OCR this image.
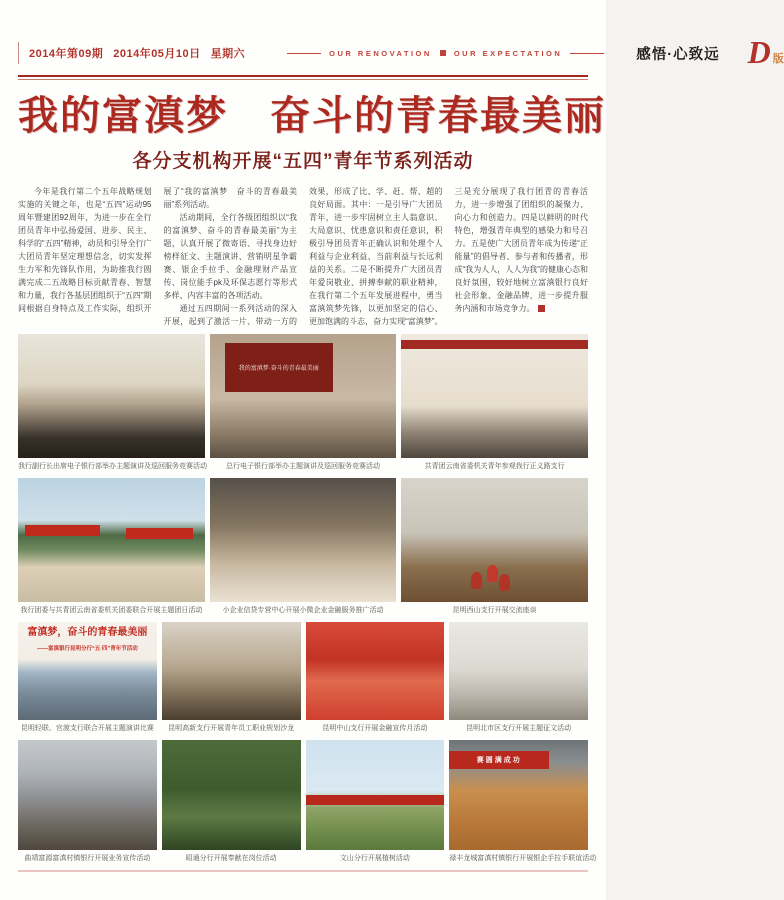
2014年第09期 2014年05月10日 星期六	OUR RENOVATION	OUR EXPECTATION	感悟·心致远 D 版
我的富滇梦　奋斗的青春最美丽
各分支机构开展“五四”青年节系列活动

今年是我行第二个五年战略规划实施的关键之年，也是“五四”运动95周年暨建团92周年，为进一步在全行团员青年中弘扬爱国、进步、民主、科学的“五四”精神，动员和引导全行广大团员青年坚定理想信念，切实发挥生力军和先锋队作用，为助推我行圆满完成二五战略目标贡献青春、智慧和力量，我行各基层团组织于“五四”期间根据自身特点及工作实际，组织开展了“我的富滇梦　奋斗的青春最美丽”系列活动。

活动期间，全行各级团组织以“我的富滇梦、奋斗的青春最美丽”为主题，认真开展了微寄语、寻找身边好榜样征文、主题演讲、营销明星争霸赛、银企手拉手、金融理财产品宣传、岗位能手pk及环保志愿行等形式多样、内容丰富的各项活动。

通过五四期间一系列活动的深入开展，起到了激活一片、带动一方的效果，形成了比、学、赶、帮、超的良好局面。其中：一是引导广大团员青年，进一步牢固树立主人翁意识、大局意识、忧患意识和责任意识，积极引导团员青年正确认识和处理个人利益与企业利益、当前利益与长远利益的关系。二是不断提升广大团员青年爱岗敬业、拼搏奉献的职业精神，在我行第二个五年发展进程中，勇当富滇筑梦先锋，以更加坚定的信心、更加饱满的斗志，奋力实现“富滇梦”。三是充分展现了我行团青的青春活力，进一步增强了团组织的凝聚力、向心力和创造力。四是以鲜明的时代特色，增强青年典型的感染力和号召力。五是使广大团员青年成为传递“正能量”的倡导者、参与者和传播者，形成“我为人人，人人为我”的健康心态和良好氛围，较好地树立富滇银行良好社会形象、金融品牌，进一步提升服务内涵和市场竞争力。

我行副行长出席电子银行部举办主题演讲及巡回服务竞赛活动
我的富滇梦·奋斗的青春最美丽
总行电子银行部举办主题演讲及巡回服务竞赛活动	共青团云南省委机关青年参观我行正义路支行
我行团委与共青团云南省委机关团委联合开展主题团日活动	小企业信贷专营中心开展小微企业金融服务推广活动	昆明西山支行开展交流座谈
富滇梦，奋斗的青春最美丽
——富滇银行昆明分行“五·四”青年节活动
昆明轻联、官渡支行联合开展主题演讲比赛	昆明高新支行开展青年员工职业规划沙龙	昆明中山支行开展金融宣传月活动	昆明北市区支行开展主题征文活动
曲靖富源富滇村镇银行开展业务宣传活动	昭通分行开展奉献在岗位活动	文山分行开展植树活动
赛圆满成功
禄丰龙城富滇村镇银行开展银企手拉手联谊活动
